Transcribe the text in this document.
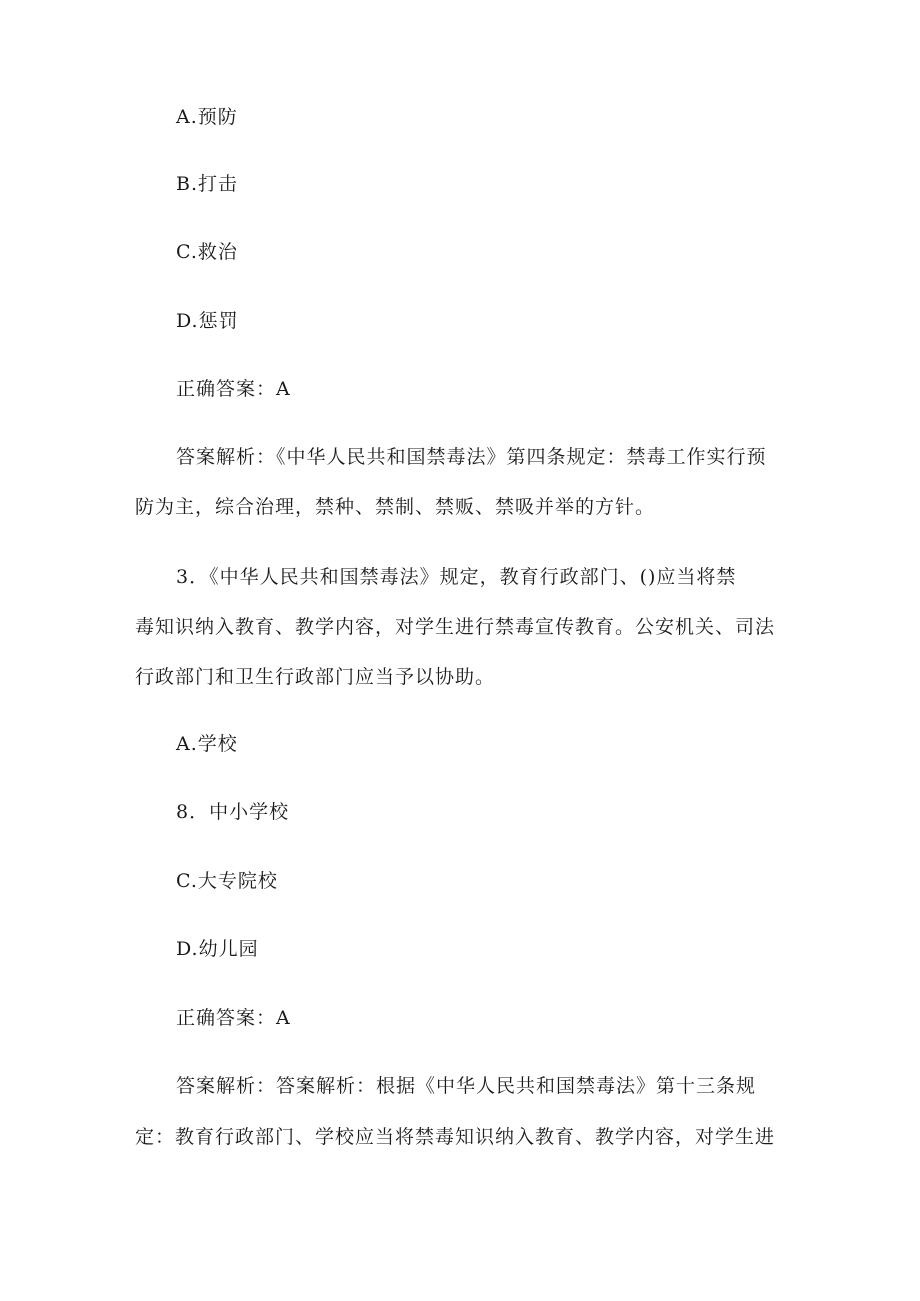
A.预防
B.打击
C.救治
D.惩罚
正确答案：A
答案解析：《中华人民共和国禁毒法》第四条规定：禁毒工作实行预
防为主，综合治理，禁种、禁制、禁贩、禁吸并举的方针。
3．《中华人民共和国禁毒法》规定，教育行政部门、()应当将禁
毒知识纳入教育、教学内容，对学生进行禁毒宣传教育。公安机关、司法
行政部门和卫生行政部门应当予以协助。
A.学校
8．中小学校
C.大专院校
D.幼儿园
正确答案：A
答案解析：答案解析：根据《中华人民共和国禁毒法》第十三条规
定：教育行政部门、学校应当将禁毒知识纳入教育、教学内容，对学生进
